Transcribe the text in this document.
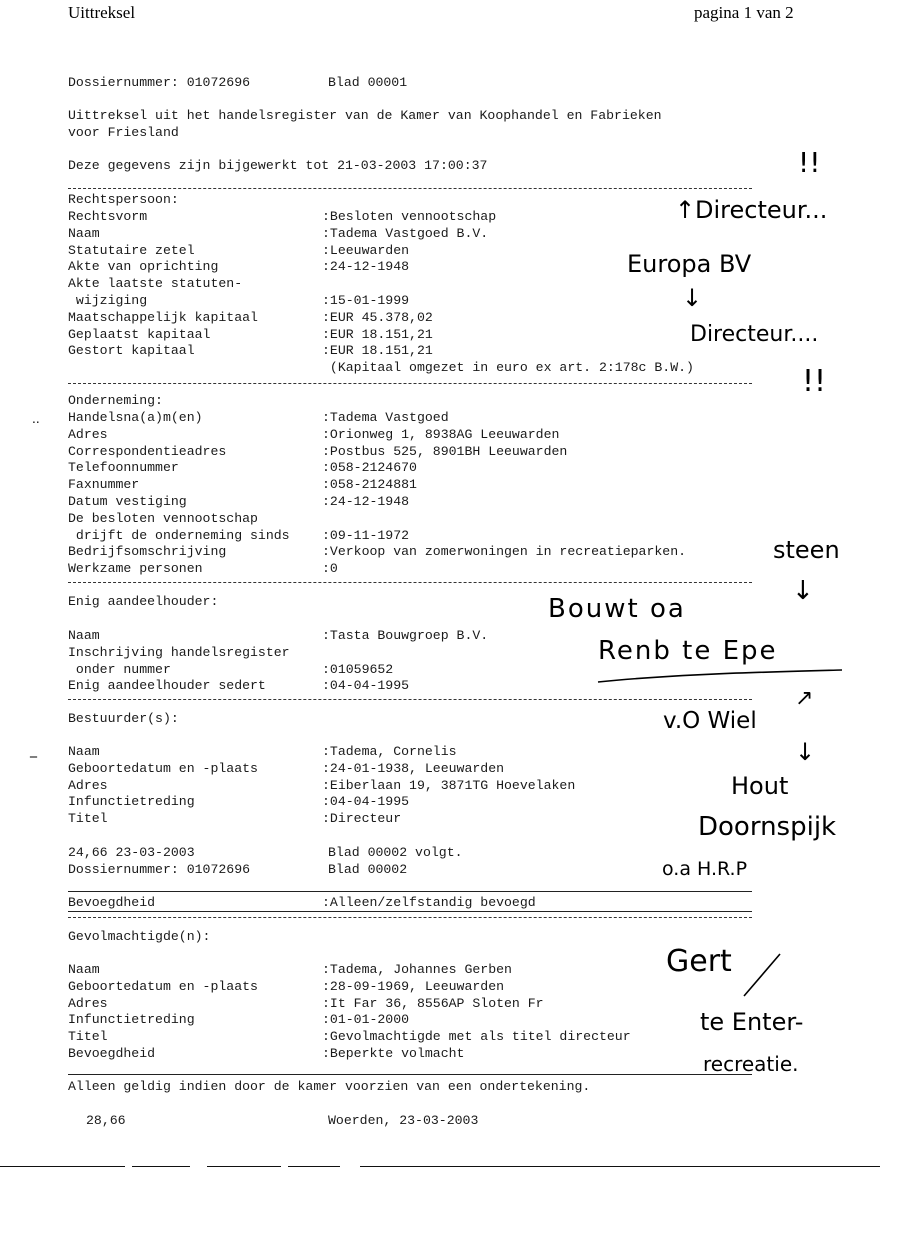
Uittreksel	pagina 1 van 2
Dossiernummer: 01072696	Blad 00001
Uittreksel uit het handelsregister van de Kamer van Koophandel en Fabrieken
voor Friesland
Deze gegevens zijn bijgewerkt tot 21-03-2003 17:00:37
Rechtspersoon:
Rechtsvorm	:Besloten vennootschap
Naam	:Tadema Vastgoed B.V.
Statutaire zetel	:Leeuwarden
Akte van oprichting	:24-12-1948
Akte laatste statuten-
wijziging	:15-01-1999
Maatschappelijk kapitaal	:EUR 45.378,02
Geplaatst kapitaal	:EUR 18.151,21
Gestort kapitaal	:EUR 18.151,21
(Kapitaal omgezet in euro ex art. 2:178c B.W.)
Onderneming:
Handelsna(a)m(en)	:Tadema Vastgoed
Adres	:Orionweg 1, 8938AG Leeuwarden
Correspondentieadres	:Postbus 525, 8901BH Leeuwarden
Telefoonnummer	:058-2124670
Faxnummer	:058-2124881
Datum vestiging	:24-12-1948
De besloten vennootschap
drijft de onderneming sinds :09-11-1972
Bedrijfsomschrijving	:Verkoop van zomerwoningen in recreatieparken.
Werkzame personen	:0
Enig aandeelhouder:
Naam	:Tasta Bouwgroep B.V.
Inschrijving handelsregister
onder nummer	:01059652
Enig aandeelhouder sedert	:04-04-1995
Bestuurder(s):
Naam	:Tadema, Cornelis
Geboortedatum en -plaats	:24-01-1938, Leeuwarden
Adres	:Eiberlaan 19, 3871TG Hoevelaken
Infunctietreding	:04-04-1995
Titel	:Directeur
24,66 23-03-2003	Blad 00002 volgt.
Dossiernummer: 01072696	Blad 00002
Bevoegdheid	:Alleen/zelfstandig bevoegd
Gevolmachtigde(n):
Naam	:Tadema, Johannes Gerben
Geboortedatum en -plaats	:28-09-1969, Leeuwarden
Adres	:It Far 36, 8556AP Sloten Fr
Infunctietreding	:01-01-2000
Titel	:Gevolmachtigde met als titel directeur
Bevoegdheid	:Beperkte volmacht
Alleen geldig indien door de kamer voorzien van een ondertekening.
28,66	Woerden, 23-03-2003
..
_
!!
Directeur...
↑
Europa BV
↓
Directeur....
!!
steen
↓
Bouwt oa
Renb te Epe
v.O Wiel
↗
↓
Hout
Doornspijk
o.a H.R.P
Gert
te Enter-
recreatie.
